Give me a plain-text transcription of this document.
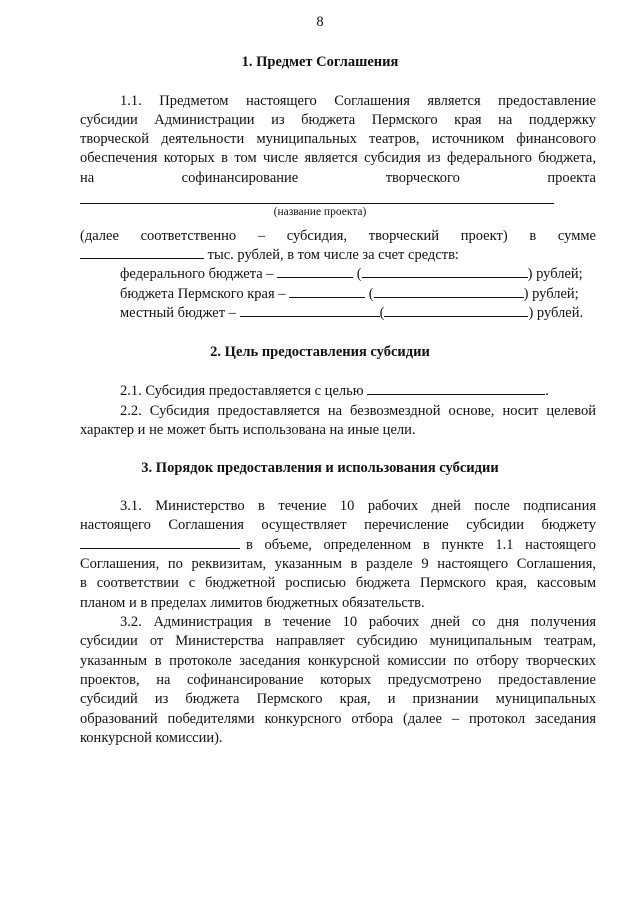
8
1. Предмет Соглашения
1.1. Предметом настоящего Соглашения является предоставление
субсидии Администрации из бюджета Пермского края на поддержку
творческой деятельности муниципальных театров, источником финансового
обеспечения которых в том числе является субсидия из федерального бюджета,
на	софинансирование	творческого	проекта
(название проекта)
(далее соответственно – субсидия, творческий проект) в сумме
тыс. рублей, в том числе за счет средств:
федерального бюджета –	(	) рублей;
бюджета Пермского края –	(	) рублей;
местный бюджет –	(	) рублей.
2. Цель предоставления субсидии
2.1. Субсидия предоставляется с целью	.
2.2. Субсидия предоставляется на безвозмездной основе, носит целевой
характер и не может быть использована на иные цели.
3. Порядок предоставления и использования субсидии
3.1. Министерство в течение 10 рабочих дней после подписания
настоящего Соглашения осуществляет перечисление субсидии бюджету
в объеме, определенном в пункте 1.1 настоящего
Соглашения, по реквизитам, указанным в разделе 9 настоящего Соглашения,
в соответствии с бюджетной росписью бюджета Пермского края, кассовым
планом и в пределах лимитов бюджетных обязательств.
3.2. Администрация в течение 10 рабочих дней со дня получения
субсидии от Министерства направляет субсидию муниципальным театрам,
указанным в протоколе заседания конкурсной комиссии по отбору творческих
проектов, на софинансирование которых предусмотрено предоставление
субсидий из бюджета Пермского края, и признании муниципальных
образований победителями конкурсного отбора (далее – протокол заседания
конкурсной комиссии).
